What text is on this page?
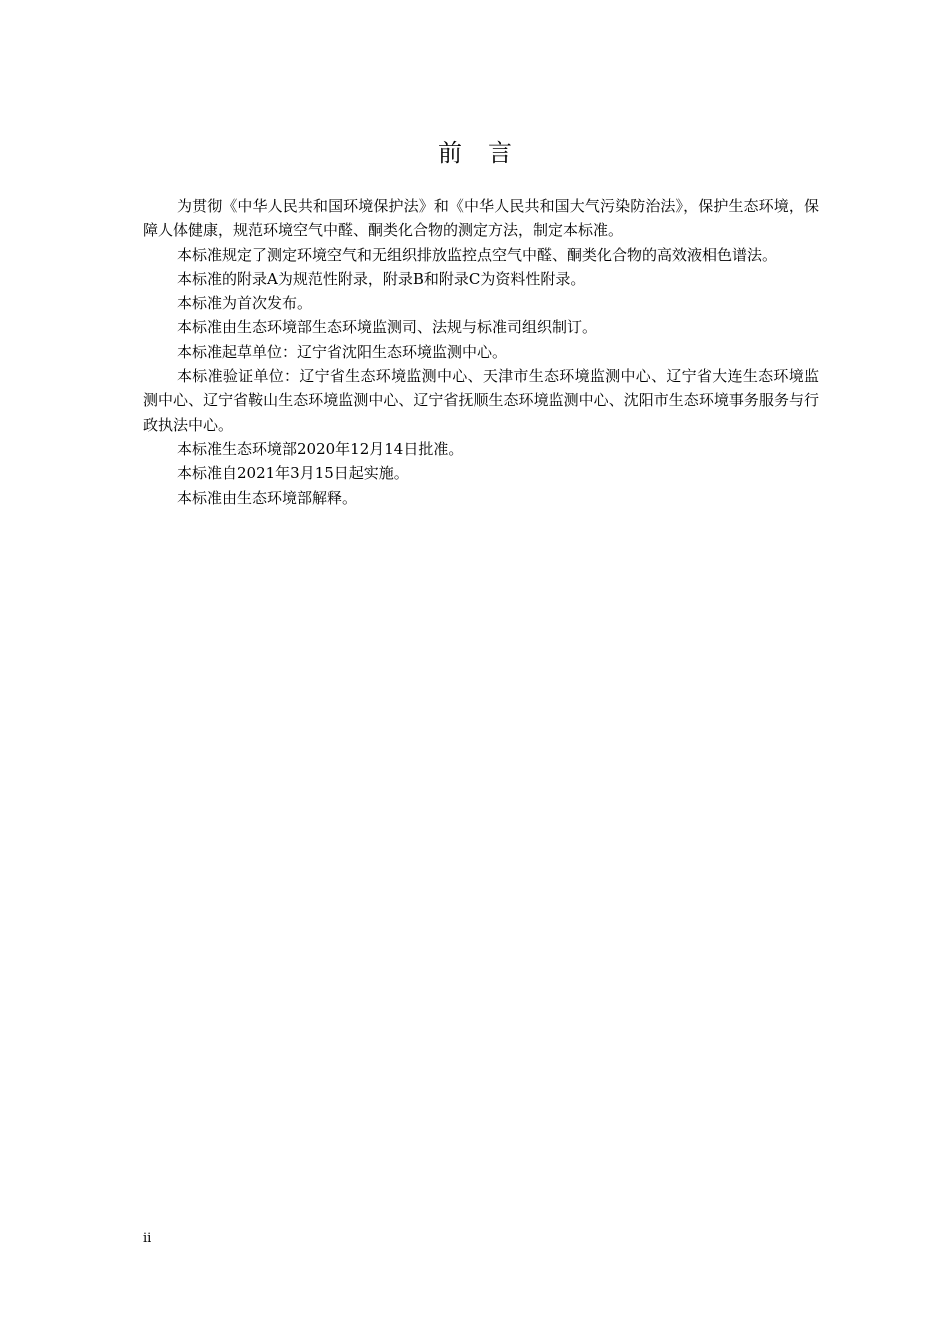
前言

为贯彻《中华人民共和国环境保护法》和《中华人民共和国大气污染防治法》，保护生态环境，保障人体健康，规范环境空气中醛、酮类化合物的测定方法，制定本标准。

本标准规定了测定环境空气和无组织排放监控点空气中醛、酮类化合物的高效液相色谱法。

本标准的附录A为规范性附录，附录B和附录C为资料性附录。

本标准为首次发布。

本标准由生态环境部生态环境监测司、法规与标准司组织制订。

本标准起草单位：辽宁省沈阳生态环境监测中心。

本标准验证单位：辽宁省生态环境监测中心、天津市生态环境监测中心、辽宁省大连生态环境监测中心、辽宁省鞍山生态环境监测中心、辽宁省抚顺生态环境监测中心、沈阳市生态环境事务服务与行政执法中心。

本标准生态环境部2020年12月14日批准。

本标准自2021年3月15日起实施。

本标准由生态环境部解释。

ii
